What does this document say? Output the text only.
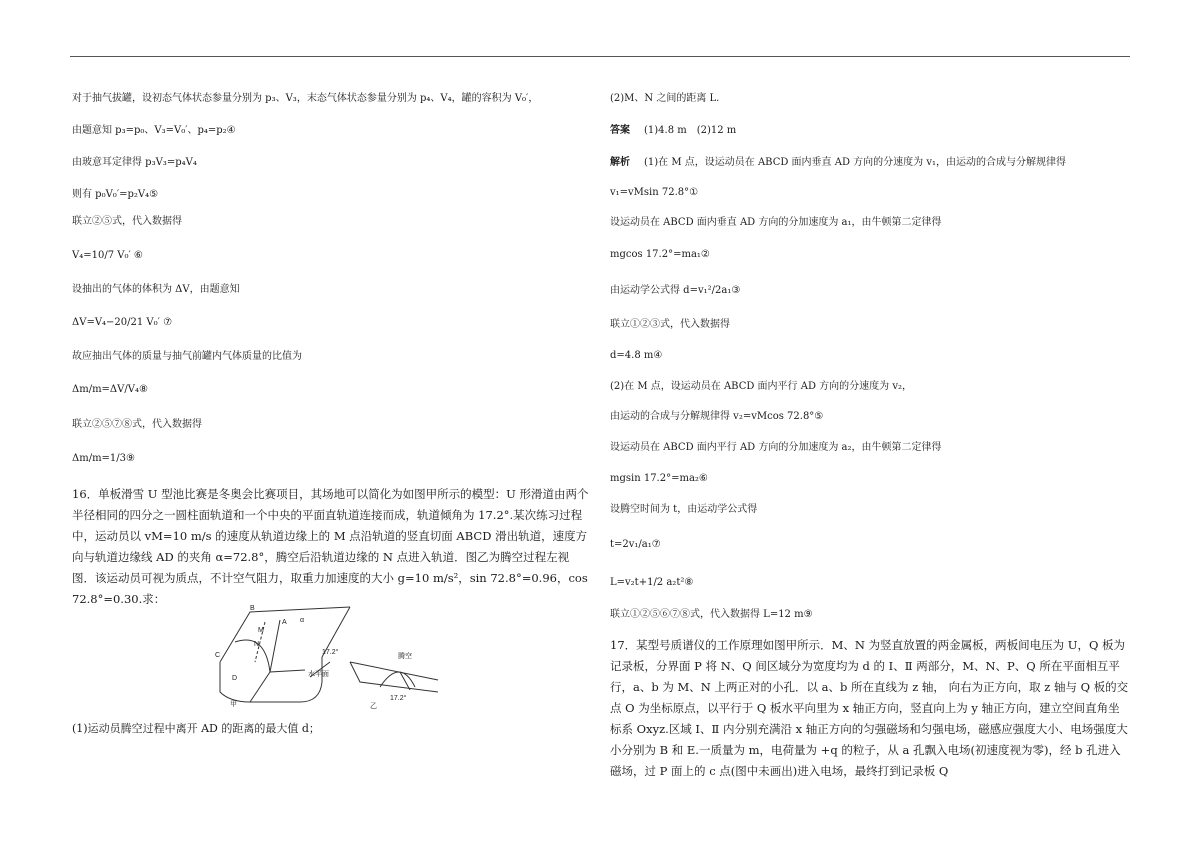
对于抽气拔罐，设初态气体状态参量分别为 p₃、V₃，末态气体状态参量分别为 p₄、V₄，罐的容积为 V₀′，
由题意知 p₃=p₀、V₃=V₀′、p₄=p₂④
由玻意耳定律得 p₃V₃=p₄V₄
则有 p₀V₀′=p₂V₄⑤
联立②⑤式，代入数据得
V₄=10/7 V₀′ ⑥
设抽出的气体的体积为 ΔV，由题意知
ΔV=V₄−20/21 V₀′ ⑦
故应抽出气体的质量与抽气前罐内气体质量的比值为
Δm/m=ΔV/V₄⑧
联立②⑤⑦⑧式，代入数据得
Δm/m=1/3⑨
16．单板滑雪 U 型池比赛是冬奥会比赛项目，其场地可以简化为如图甲所示的模型：U 形滑道由两个半径相同的四分之一圆柱面轨道和一个中央的平面直轨道连接而成，轨道倾角为 17.2°.某次练习过程中，运动员以 vM=10 m/s 的速度从轨道边缘上的 M 点沿轨道的竖直切面 ABCD 滑出轨道，速度方向与轨道边缘线 AD 的夹角 α=72.8°，腾空后沿轨道边缘的 N 点进入轨道．图乙为腾空过程左视图．该运动员可视为质点，不计空气阻力，取重力加速度的大小 g=10 m/s²，sin 72.8°=0.96，cos 72.8°=0.30.求：
B
C
D
A
M
N
α
17.2°
水平面
甲
腾空
17.2°
乙
(1)运动员腾空过程中离开 AD 的距离的最大值 d；
(2)M、N 之间的距离 L.
答案 (1)4.8 m　(2)12 m
解析 (1)在 M 点，设运动员在 ABCD 面内垂直 AD 方向的分速度为 v₁，由运动的合成与分解规律得
v₁=vMsin 72.8°①
设运动员在 ABCD 面内垂直 AD 方向的分加速度为 a₁，由牛顿第二定律得
mgcos 17.2°=ma₁②
由运动学公式得 d=v₁²/2a₁③
联立①②③式，代入数据得
d=4.8 m④
(2)在 M 点，设运动员在 ABCD 面内平行 AD 方向的分速度为 v₂，
由运动的合成与分解规律得 v₂=vMcos 72.8°⑤
设运动员在 ABCD 面内平行 AD 方向的分加速度为 a₂，由牛顿第二定律得
mgsin 17.2°=ma₂⑥
设腾空时间为 t，由运动学公式得
t=2v₁/a₁⑦
L=v₂t+1/2 a₂t²⑧
联立①②⑤⑥⑦⑧式，代入数据得 L=12 m⑨
17．某型号质谱仪的工作原理如图甲所示．M、N 为竖直放置的两金属板，两板间电压为 U，Q 板为记录板，分界面 P 将 N、Q 间区域分为宽度均为 d 的 Ⅰ、Ⅱ 两部分，M、N、P、Q 所在平面相互平行，a、b 为 M、N 上两正对的小孔．以 a、b 所在直线为 z 轴， 向右为正方向，取 z 轴与 Q 板的交点 O 为坐标原点，以平行于 Q 板水平向里为 x 轴正方向，竖直向上为 y 轴正方向，建立空间直角坐标系 Oxyz.区域 Ⅰ、Ⅱ 内分别充满沿 x 轴正方向的匀强磁场和匀强电场，磁感应强度大小、电场强度大小分别为 B 和 E.一质量为 m，电荷量为 +q 的粒子，从 a 孔飘入电场(初速度视为零)，经 b 孔进入磁场，过 P 面上的 c 点(图中未画出)进入电场，最终打到记录板 Q
